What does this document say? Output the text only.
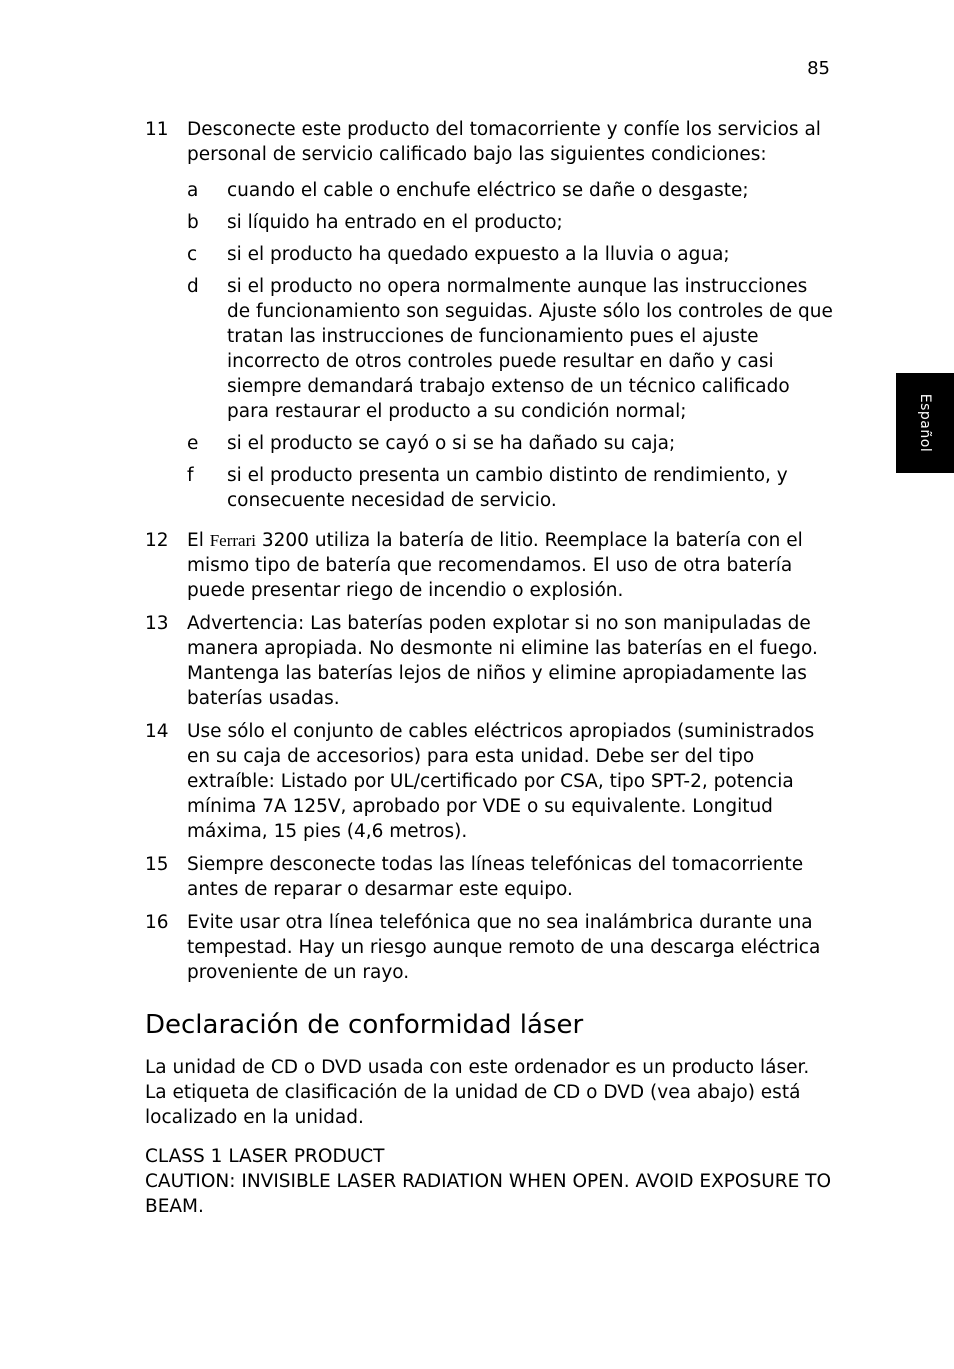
85
Español
11 Desconecte este producto del tomacorriente y confíe los servicios al personal de servicio calificado bajo las siguientes condiciones:
a	cuando el cable o enchufe eléctrico se dañe o desgaste;
b	si líquido ha entrado en el producto;
c	si el producto ha quedado expuesto a la lluvia o agua;
d	si el producto no opera normalmente aunque las instrucciones de funcionamiento son seguidas. Ajuste sólo los controles de que tratan las instrucciones de funcionamiento pues el ajuste incorrecto de otros controles puede resultar en daño y casi siempre demandará trabajo extenso de un técnico calificado para restaurar el producto a su condición normal;
e	si el producto se cayó o si se ha dañado su caja;
f	si el producto presenta un cambio distinto de rendimiento, y consecuente necesidad de servicio.
12 El Ferrari 3200 utiliza la batería de litio. Reemplace la batería con el mismo tipo de batería que recomendamos. El uso de otra batería puede presentar riego de incendio o explosión.
13 Advertencia: Las baterías poden explotar si no son manipuladas de manera apropiada. No desmonte ni elimine las baterías en el fuego. Mantenga las baterías lejos de niños y elimine apropiadamente las baterías usadas.
14 Use sólo el conjunto de cables eléctricos apropiados (suministrados en su caja de accesorios) para esta unidad. Debe ser del tipo extraíble: Listado por UL/certificado por CSA, tipo SPT-2, potencia mínima 7A 125V, aprobado por VDE o su equivalente. Longitud máxima, 15 pies (4,6 metros).
15 Siempre desconecte todas las líneas telefónicas del tomacorriente antes de reparar o desarmar este equipo.
16 Evite usar otra línea telefónica que no sea inalámbrica durante una tempestad. Hay un riesgo aunque remoto de una descarga eléctrica proveniente de un rayo.
Declaración de conformidad láser

La unidad de CD o DVD usada con este ordenador es un producto láser. La etiqueta de clasificación de la unidad de CD o DVD (vea abajo) está localizado en la unidad.

CLASS 1 LASER PRODUCT
CAUTION: INVISIBLE LASER RADIATION WHEN OPEN. AVOID EXPOSURE TO BEAM.
